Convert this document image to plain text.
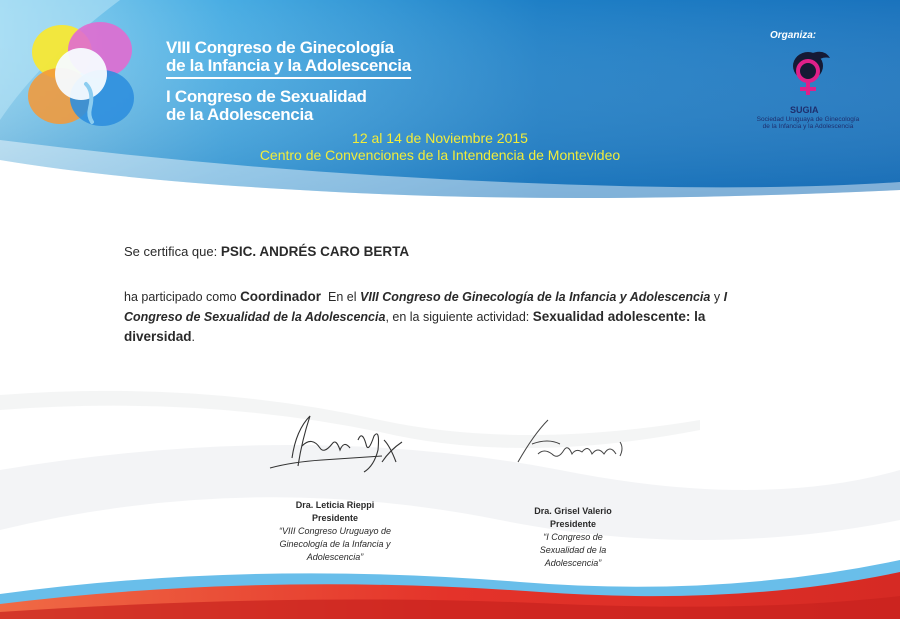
VIII Congreso de Ginecología
de la Infancia y la Adolescencia
I Congreso de Sexualidad
de la Adolescencia
12 al 14 de Noviembre 2015
Centro de Convenciones de la Intendencia de Montevideo
Organiza:
SUGIA
Sociedad Uruguaya de Ginecología
de la Infancia y la Adolescencia
Se certifica que: PSIC. ANDRÉS CARO BERTA
ha participado como Coordinador En el VIII Congreso de Ginecología de la Infancia y Adolescencia y I
Congreso de Sexualidad de la Adolescencia, en la siguiente actividad: Sexualidad adolescente: la
diversidad.
Dra. Leticia Rieppi
Presidente
“VIII Congreso Uruguayo de
Ginecología de la Infancia y
Adolescencia”
Dra. Grisel Valerio
Presidente
“I Congreso de
Sexualidad de la
Adolescencia”
